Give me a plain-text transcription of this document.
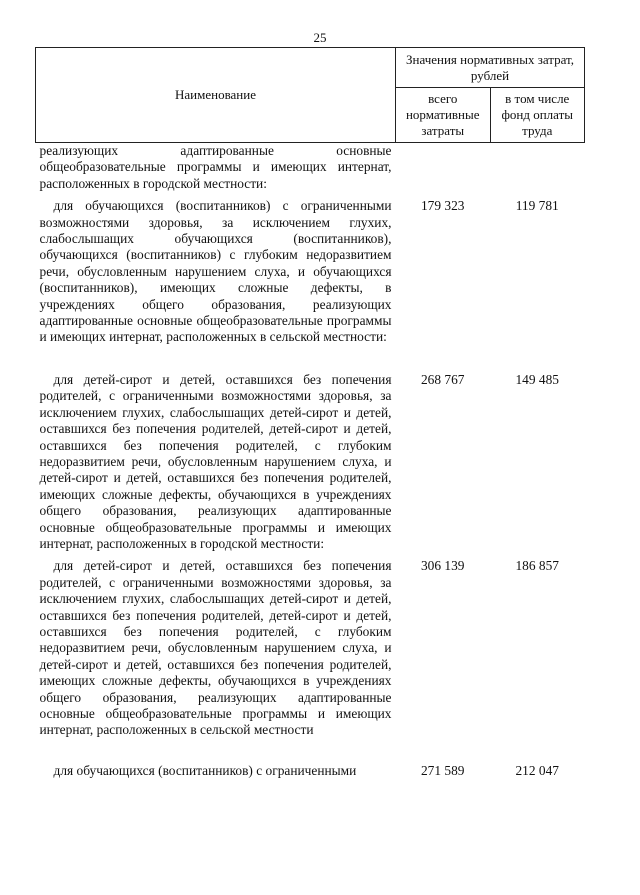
25
Наименование	Значения нормативных затрат, рублей	
	всего нормативные затраты	в том числе фонд оплаты труда

реализующих адаптированные основные общеобразовательные программы и имеющих интернат, расположенных в городской местности:		

для обучающихся (воспитанников) с ограниченными возможностями здоровья, за исключением глухих, слабослышащих обучающихся (воспитанников), обучающихся (воспитанников) с глубоким недоразвитием речи, обусловленным нарушением слуха, и обучающихся (воспитанников), имеющих сложные дефекты, в учреждениях общего образования, реализующих адаптированные основные общеобразовательные программы и имеющих интернат, расположенных в сельской местности:	179 323	119 781

для детей-сирот и детей, оставшихся без попечения родителей, с ограниченными возможностями здоровья, за исключением глухих, слабослышащих детей-сирот и детей, оставшихся без попечения родителей, детей-сирот и детей, оставшихся без попечения родителей, с глубоким недоразвитием речи, обусловленным нарушением слуха, и детей-сирот и детей, оставшихся без попечения родителей, имеющих сложные дефекты, обучающихся в учреждениях общего образования, реализующих адаптированные основные общеобразовательные программы и имеющих интернат, расположенных в городской местности:	268 767	149 485

для детей-сирот и детей, оставшихся без попечения родителей, с ограниченными возможностями здоровья, за исключением глухих, слабослышащих детей-сирот и детей, оставшихся без попечения родителей, детей-сирот и детей, оставшихся без попечения родителей, с глубоким недоразвитием речи, обусловленным нарушением слуха, и детей-сирот и детей, оставшихся без попечения родителей, имеющих сложные дефекты, обучающихся в учреждениях общего образования, реализующих адаптированные основные общеобразовательные программы и имеющих интернат, расположенных в сельской местности	306 139	186 857

для обучающихся (воспитанников) с ограниченными	271 589	212 047
